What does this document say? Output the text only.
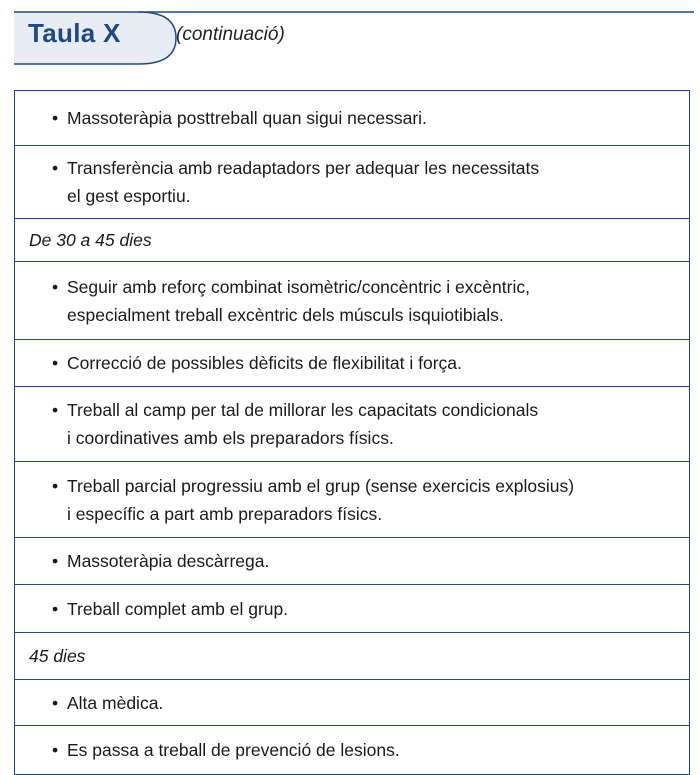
Taula X	(continuació)
• Massoteràpia posttreball quan sigui necessari.
• Transferència amb readaptadors per adequar les necessitats
el gest esportiu.
De 30 a 45 dies
• Seguir amb reforç combinat isomètric/concèntric i excèntric,
especialment treball excèntric dels músculs isquiotibials.
• Correcció de possibles dèficits de flexibilitat i força.
• Treball al camp per tal de millorar les capacitats condicionals
i coordinatives amb els preparadors físics.
• Treball parcial progressiu amb el grup (sense exercicis explosius)
i específic a part amb preparadors físics.
• Massoteràpia descàrrega.
• Treball complet amb el grup.
45 dies
• Alta mèdica.
• Es passa a treball de prevenció de lesions.
